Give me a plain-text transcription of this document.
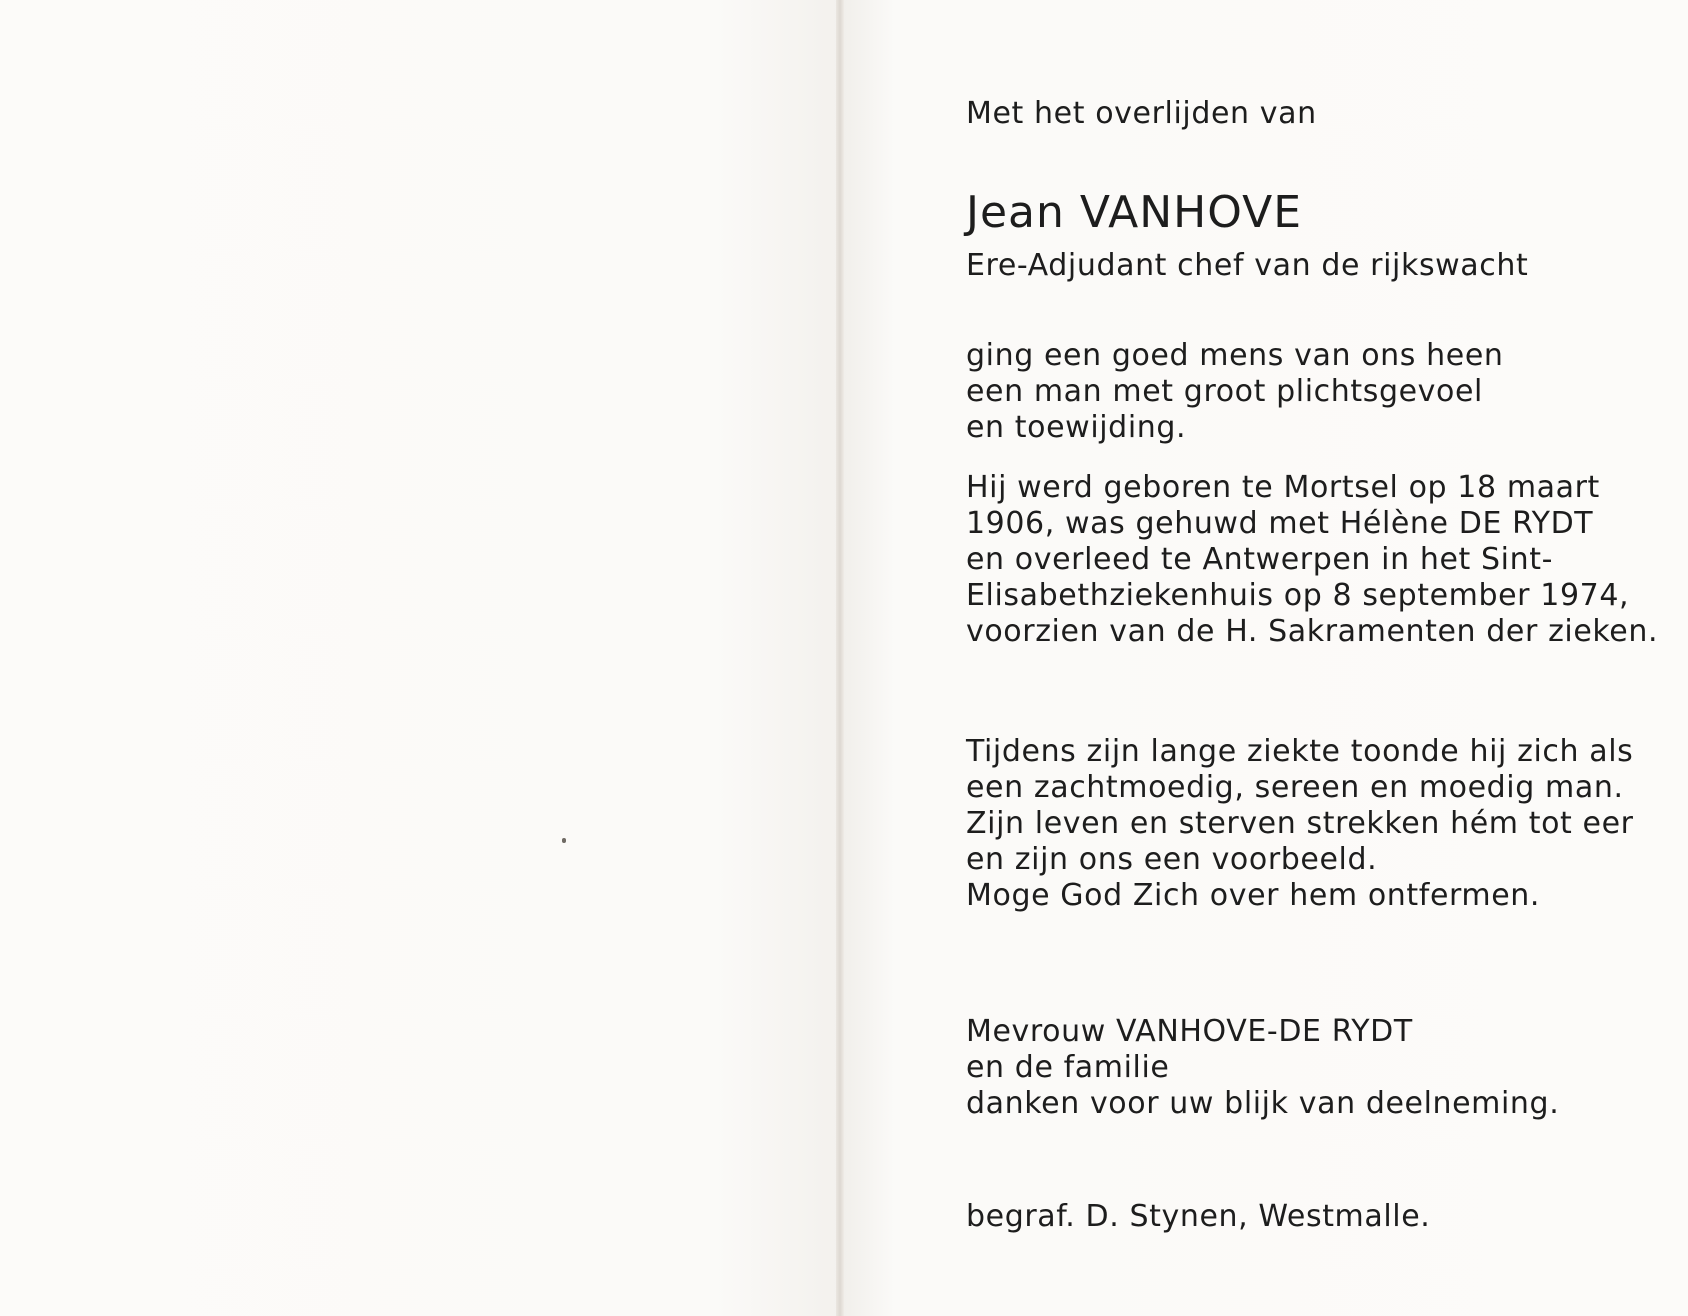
Met het overlijden van
Jean VANHOVE
Ere-Adjudant chef van de rijkswacht
ging een goed mens van ons heen
een man met groot plichtsgevoel
en toewijding.
Hij werd geboren te Mortsel op 18 maart
1906, was gehuwd met Hélène DE RYDT
en overleed te Antwerpen in het Sint-
Elisabethziekenhuis op 8 september 1974,
voorzien van de H. Sakramenten der zieken.
Tijdens zijn lange ziekte toonde hij zich als
een zachtmoedig, sereen en moedig man.
Zijn leven en sterven strekken hém tot eer
en zijn ons een voorbeeld.
Moge God Zich over hem ontfermen.
Mevrouw VANHOVE-DE RYDT
en de familie
danken voor uw blijk van deelneming.
begraf. D. Stynen, Westmalle.
